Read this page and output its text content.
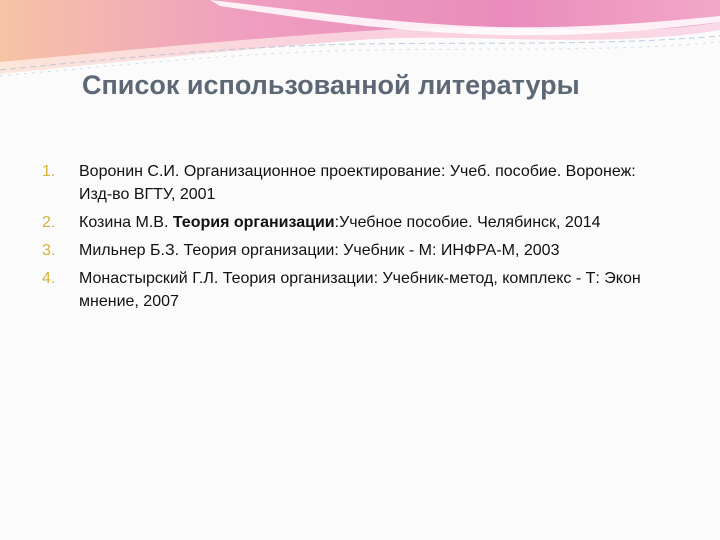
Список использованной литературы
1. Воронин С.И. Организационное проектирование: Учеб. пособие. Воронеж: Изд-во ВГТУ, 2001
2. Козина М.В. Теория организации:Учебное пособие. Челябинск, 2014
3. Мильнер Б.З. Теория организации: Учебник - М: ИНФРА-М, 2003
4. Монастырский Г.Л. Теория организации: Учебник-метод, комплекс - Т: Экон мнение, 2007
